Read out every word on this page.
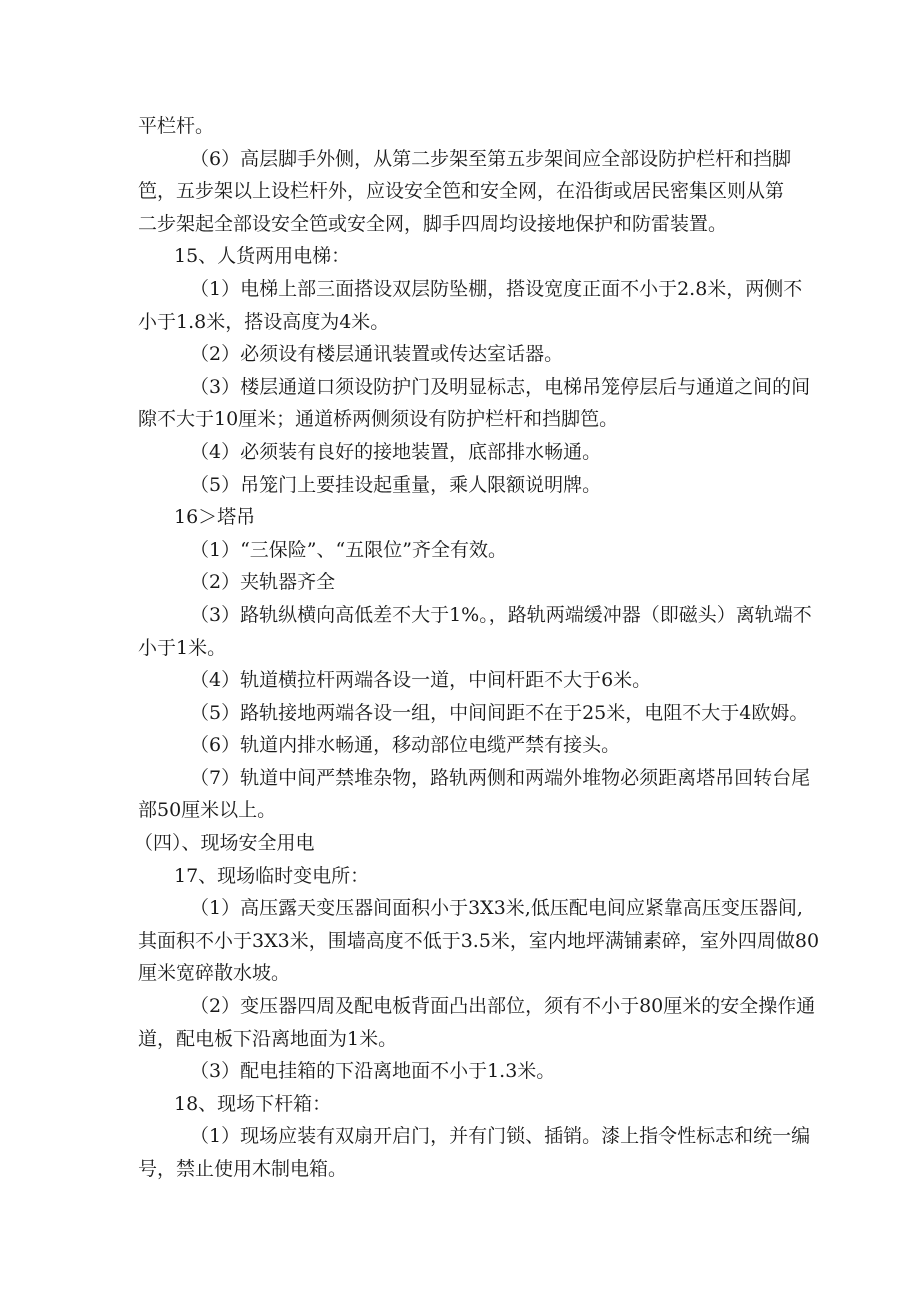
平栏杆。
（6）高层脚手外侧，从第二步架至第五步架间应全部设防护栏杆和挡脚
笆，五步架以上设栏杆外，应设安全笆和安全网，在沿街或居民密集区则从第
二步架起全部设安全笆或安全网，脚手四周均设接地保护和防雷装置。
15、人货两用电梯：
（1）电梯上部三面搭设双层防坠棚，搭设宽度正面不小于2.8米，两侧不
小于1.8米，搭设高度为4米。
（2）必须设有楼层通讯装置或传达室话器。
（3）楼层通道口须设防护门及明显标志，电梯吊笼停层后与通道之间的间
隙不大于10厘米；通道桥两侧须设有防护栏杆和挡脚笆。
（4）必须装有良好的接地装置，底部排水畅通。
（5）吊笼门上要挂设起重量，乘人限额说明牌。
16＞塔吊
（1）“三保险”、“五限位”齐全有效。
（2）夹轨器齐全
（3）路轨纵横向高低差不大于1%。，路轨两端缓冲器（即磁头）离轨端不
小于1米。
（4）轨道横拉杆两端各设一道，中间杆距不大于6米。
（5）路轨接地两端各设一组，中间间距不在于25米，电阻不大于4欧姆。
（6）轨道内排水畅通，移动部位电缆严禁有接头。
（7）轨道中间严禁堆杂物，路轨两侧和两端外堆物必须距离塔吊回转台尾
部50厘米以上。
（四）、现场安全用电
17、现场临时变电所：
（1）高压露天变压器间面积小于3X3米,低压配电间应紧靠高压变压器间,
其面积不小于3X3米，围墙高度不低于3.5米，室内地坪满铺素碎，室外四周做80
厘米宽碎散水坡。
（2）变压器四周及配电板背面凸出部位，须有不小于80厘米的安全操作通
道，配电板下沿离地面为1米。
（3）配电挂箱的下沿离地面不小于1.3米。
18、现场下杆箱：
（1）现场应装有双扇开启门，并有门锁、插销。漆上指令性标志和统一编
号，禁止使用木制电箱。
